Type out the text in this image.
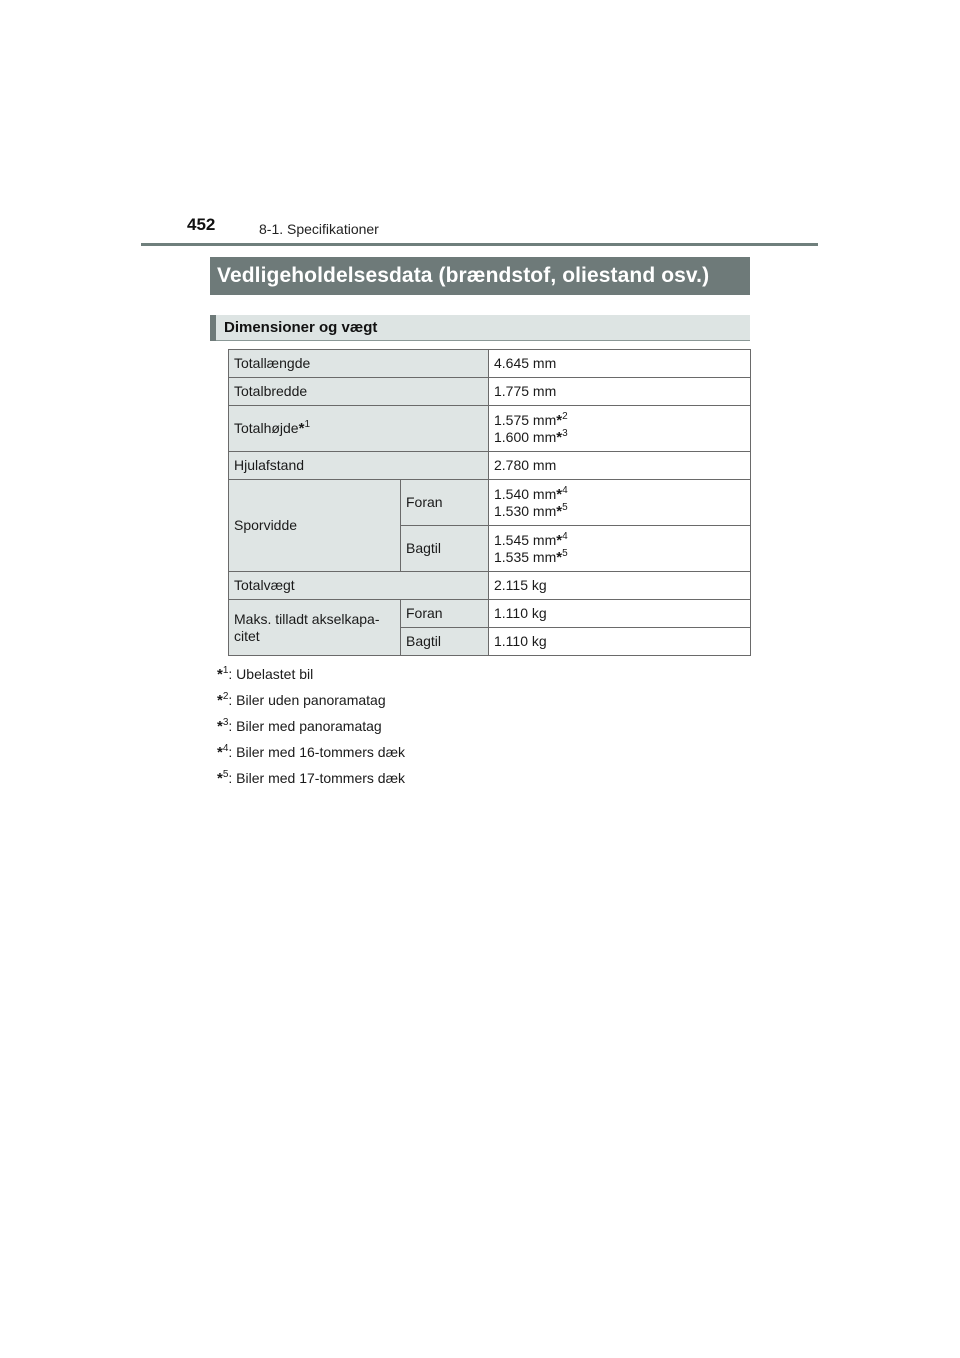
452	8-1. Specifikationer
Vedligeholdelsesdata (brændstof, oliestand osv.)
Dimensioner og vægt
Totallængde		4.645 mm
Totalbredde		1.775 mm
Totalhøjde*$^1$		1.575 mm*$^2$
1.600 mm*$^3$

Hjulafstand		2.780 mm
Sporvidde	Foran	1.540 mm*$^4$
1.530 mm*$^5$

	Bagtil	1.545 mm*$^4$
1.535 mm*$^5$

Totalvægt		2.115 kg

Maks. tilladt akselkapa-
citet	Foran	1.110 kg
	Bagtil	1.110 kg
*$^1$: Ubelastet bil
*$^2$: Biler uden panoramatag
*$^3$: Biler med panoramatag
*$^4$: Biler med 16-tommers dæk
*$^5$: Biler med 17-tommers dæk
